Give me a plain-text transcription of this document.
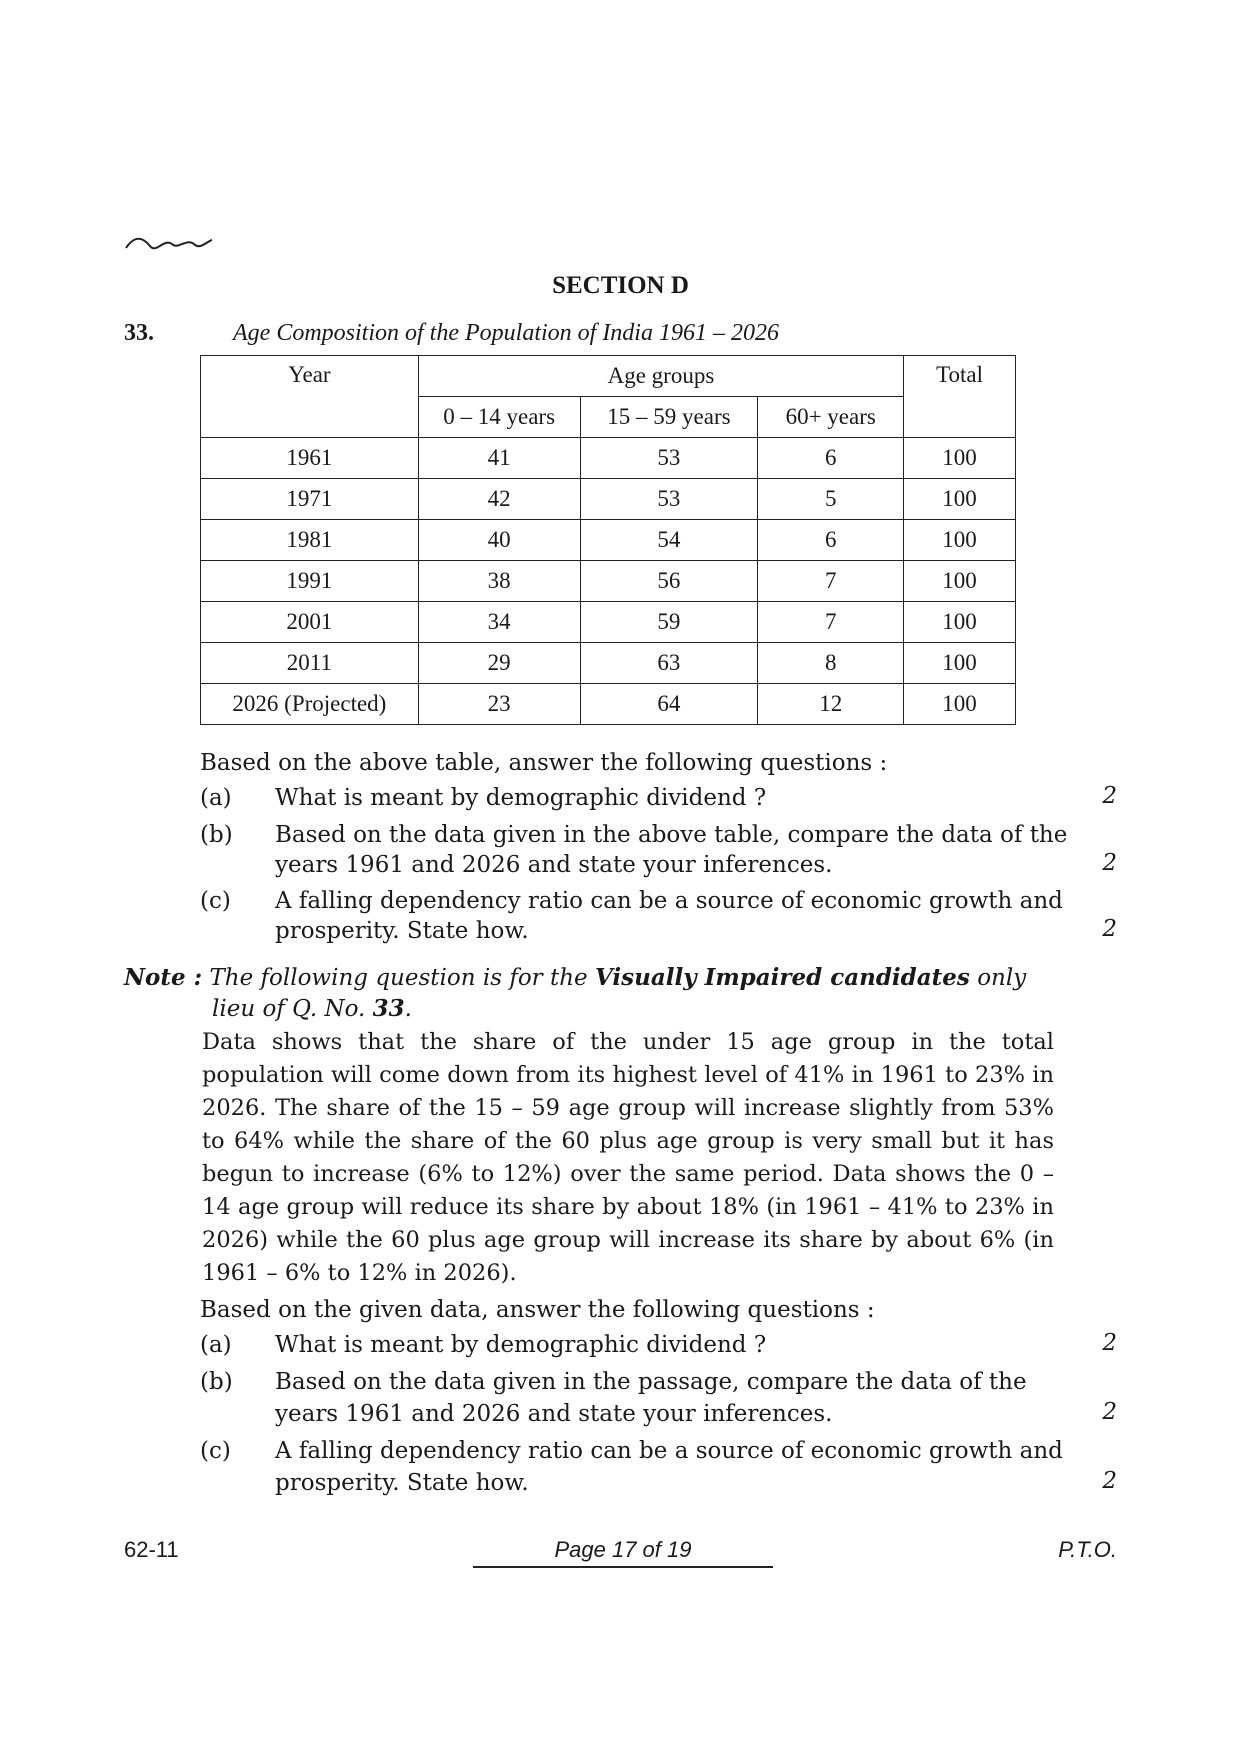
SECTION D
33.	Age Composition of the Population of India 1961 – 2026
Year	Age groups			Total
	0 – 14 years	15 – 59 years	60+ years	
1961	41	53	6	100
1971	42	53	5	100
1981	40	54	6	100
1991	38	56	7	100
2001	34	59	7	100
2011	29	63	8	100
2026 (Projected)	23	64	12	100
Based on the above table, answer the following questions :
(a)	What is meant by demographic dividend ?	2
(b)	Based on the data given in the above table, compare the data of the
years 1961 and 2026 and state your inferences.	2
(c)	A falling dependency ratio can be a source of economic growth and
prosperity. State how.	2
Note : The following question is for the Visually Impaired candidates only
lieu of Q. No. 33.
Data shows that the share of the under 15 age group in the total population will come down from its highest level of 41% in 1961 to 23% in 2026. The share of the 15 – 59 age group will increase slightly from 53% to 64% while the share of the 60 plus age group is very small but it has begun to increase (6% to 12%) over the same period. Data shows the 0 – 14 age group will reduce its share by about 18% (in 1961 – 41% to 23% in 2026) while the 60 plus age group will increase its share by about 6% (in 1961 – 6% to 12% in 2026).
Based on the given data, answer the following questions :
(a)	What is meant by demographic dividend ?	2
(b)	Based on the data given in the passage, compare the data of the
years 1961 and 2026 and state your inferences.	2
(c)	A falling dependency ratio can be a source of economic growth and
prosperity. State how.	2
62-11	Page 17 of 19	P.T.O.
